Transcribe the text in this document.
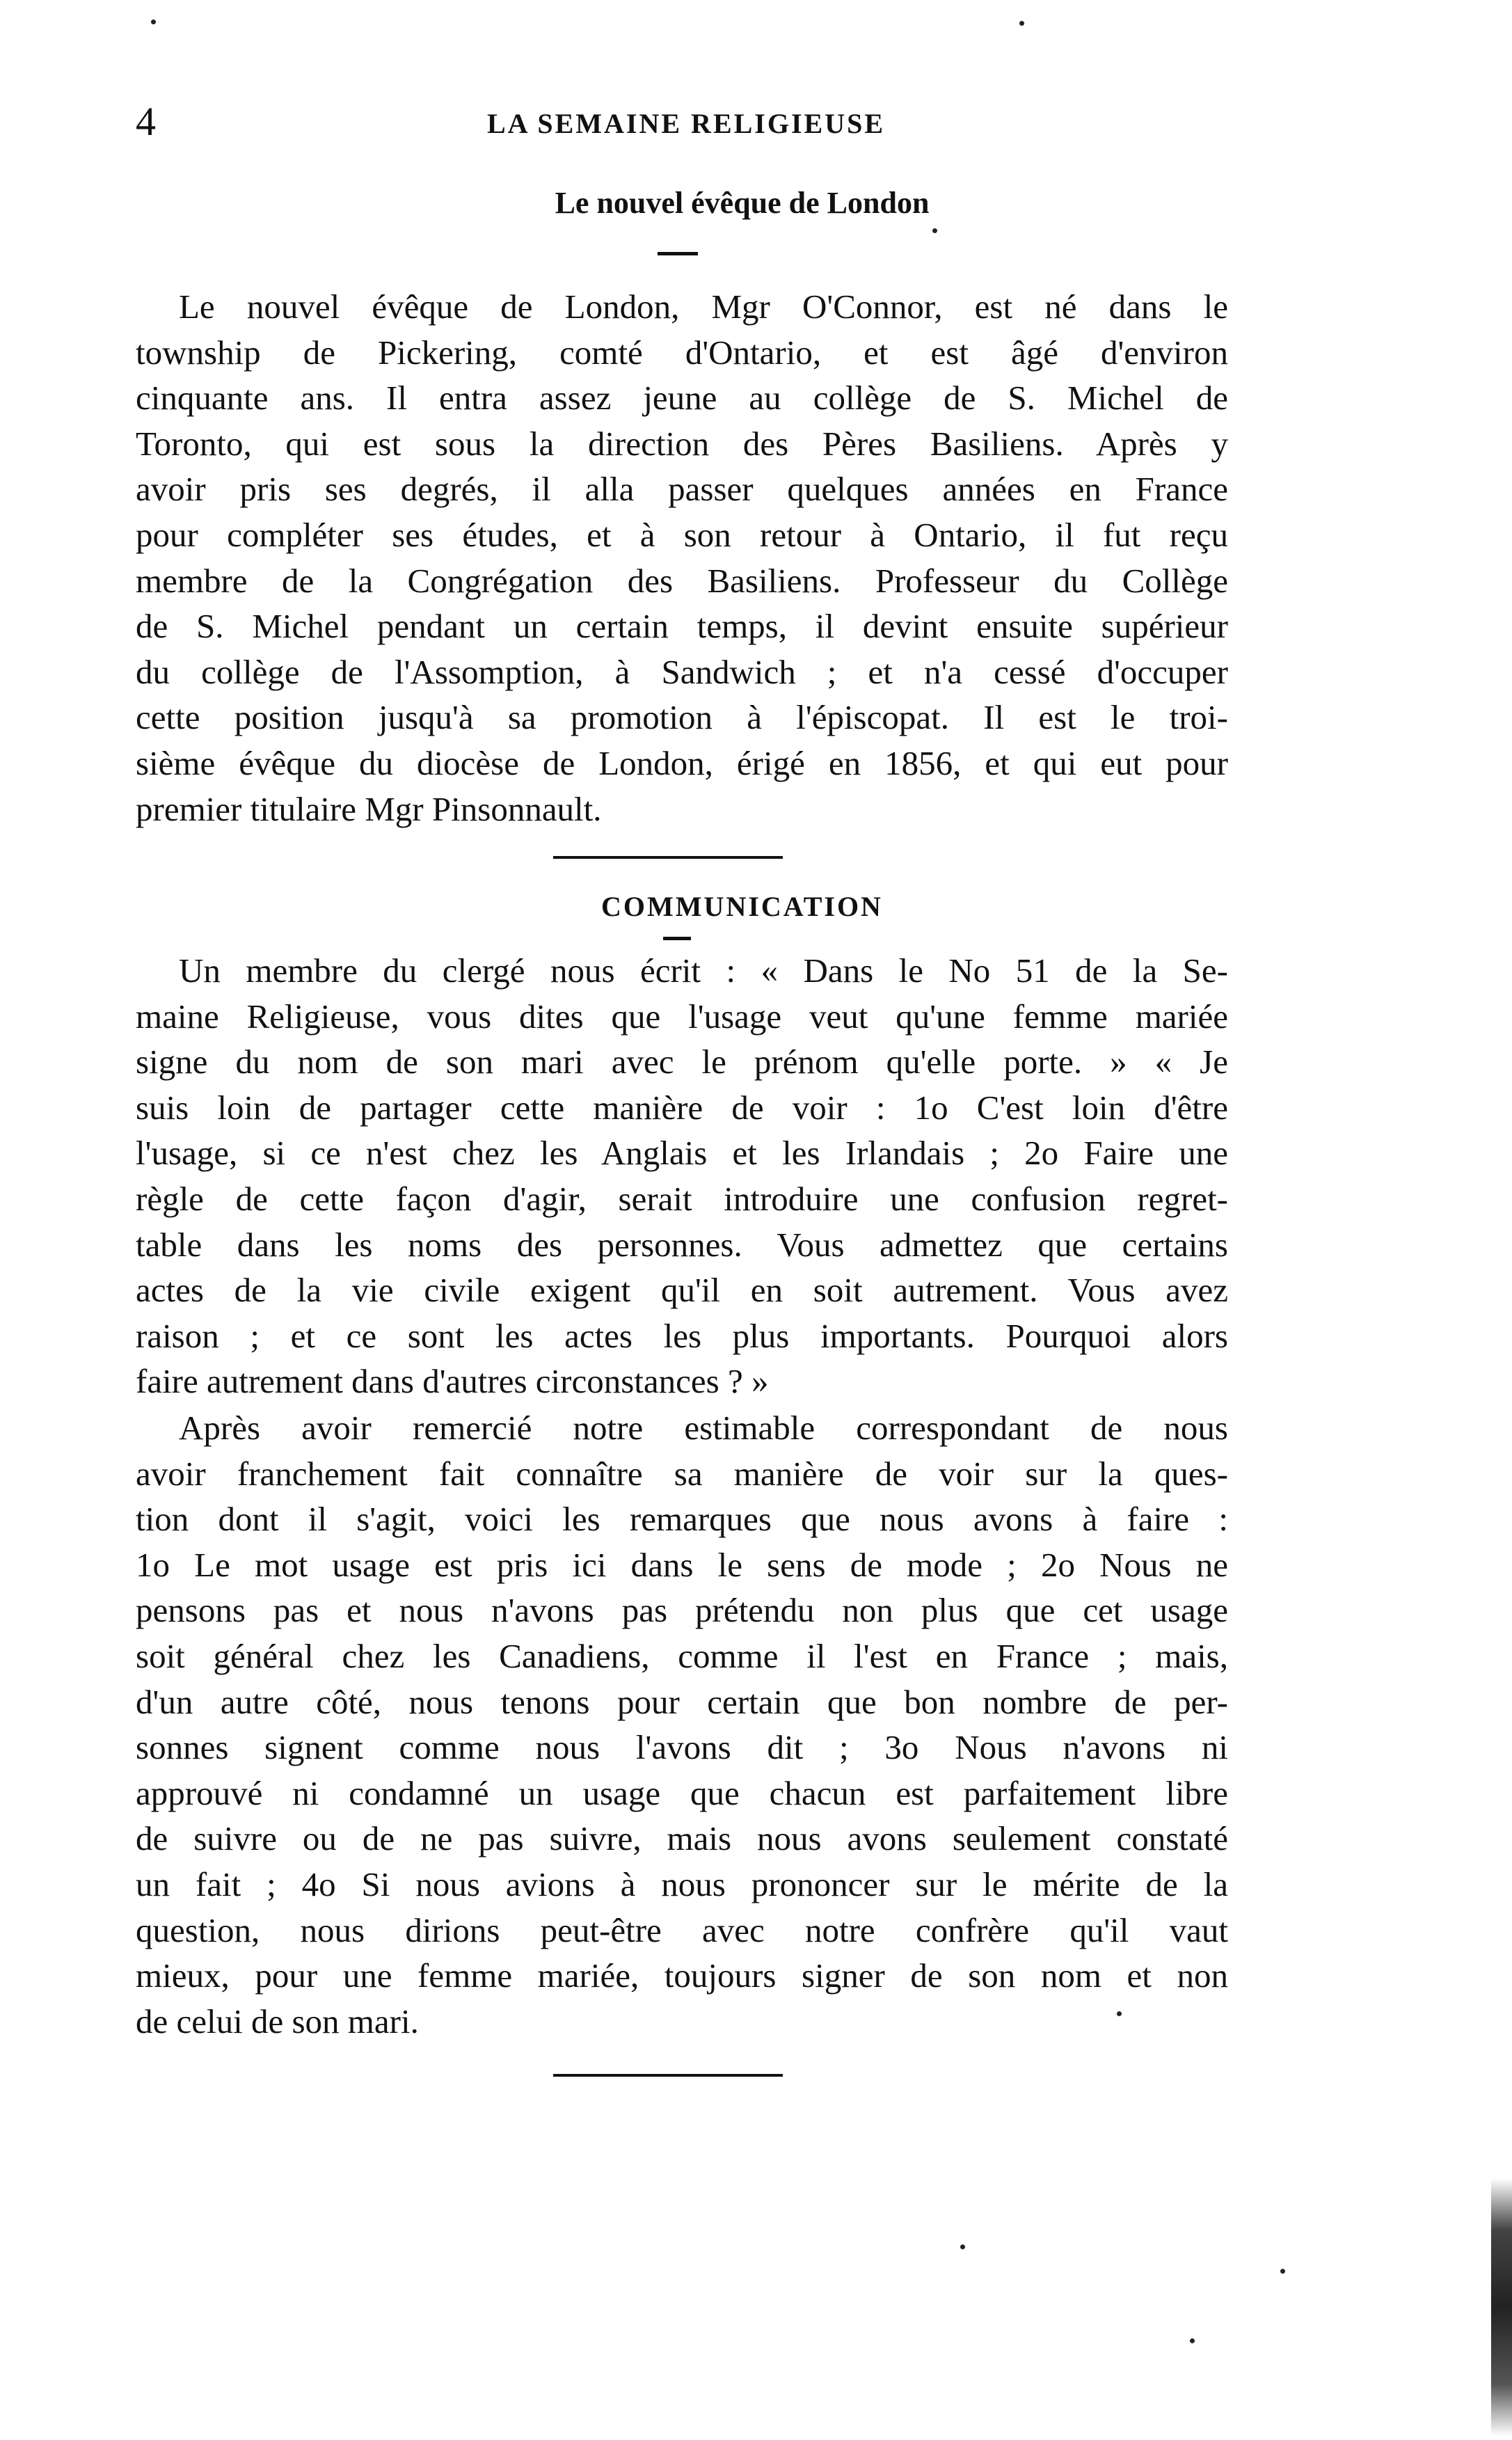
4	LA SEMAINE RELIGIEUSE
Le nouvel évêque de London
Le nouvel évêque de London, Mgr O'Connor, est né dans le
township de Pickering, comté d'Ontario, et est âgé d'environ
cinquante ans. Il entra assez jeune au collège de S. Michel de
Toronto, qui est sous la direction des Pères Basiliens. Après y
avoir pris ses degrés, il alla passer quelques années en France
pour compléter ses études, et à son retour à Ontario, il fut reçu
membre de la Congrégation des Basiliens. Professeur du Collège
de S. Michel pendant un certain temps, il devint ensuite supérieur
du collège de l'Assomption, à Sandwich ; et n'a cessé d'occuper
cette position jusqu'à sa promotion à l'épiscopat. Il est le troi-
sième évêque du diocèse de London, érigé en 1856, et qui eut pour
premier titulaire Mgr Pinsonnault.
COMMUNICATION
Un membre du clergé nous écrit : « Dans le No 51 de la Se-
maine Religieuse, vous dites que l'usage veut qu'une femme mariée
signe du nom de son mari avec le prénom qu'elle porte. » « Je
suis loin de partager cette manière de voir : 1o C'est loin d'être
l'usage, si ce n'est chez les Anglais et les Irlandais ; 2o Faire une
règle de cette façon d'agir, serait introduire une confusion regret-
table dans les noms des personnes. Vous admettez que certains
actes de la vie civile exigent qu'il en soit autrement. Vous avez
raison ; et ce sont les actes les plus importants. Pourquoi alors
faire autrement dans d'autres circonstances ? »
Après avoir remercié notre estimable correspondant de nous
avoir franchement fait connaître sa manière de voir sur la ques-
tion dont il s'agit, voici les remarques que nous avons à faire :
1o Le mot usage est pris ici dans le sens de mode ; 2o Nous ne
pensons pas et nous n'avons pas prétendu non plus que cet usage
soit général chez les Canadiens, comme il l'est en France ; mais,
d'un autre côté, nous tenons pour certain que bon nombre de per-
sonnes signent comme nous l'avons dit ; 3o Nous n'avons ni
approuvé ni condamné un usage que chacun est parfaitement libre
de suivre ou de ne pas suivre, mais nous avons seulement constaté
un fait ; 4o Si nous avions à nous prononcer sur le mérite de la
question, nous dirions peut-être avec notre confrère qu'il vaut
mieux, pour une femme mariée, toujours signer de son nom et non
de celui de son mari.
